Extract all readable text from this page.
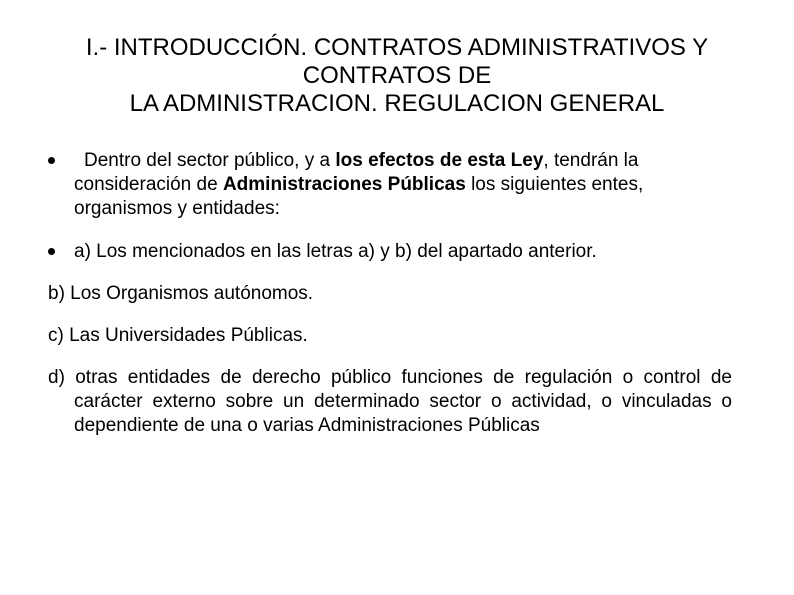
I.- INTRODUCCIÓN. CONTRATOS ADMINISTRATIVOS Y
CONTRATOS DE
LA ADMINISTRACION. REGULACION GENERAL
Dentro del sector público, y a los efectos de esta Ley, tendrán la consideración de Administraciones Públicas los siguientes entes, organismos y entidades:
a) Los mencionados en las letras a) y b) del apartado anterior.
b) Los Organismos autónomos.
c) Las Universidades Públicas.
d) otras entidades de derecho público funciones de regulación o control de carácter externo sobre un determinado sector o actividad, o vinculadas o dependiente de una o varias Administraciones Públicas
